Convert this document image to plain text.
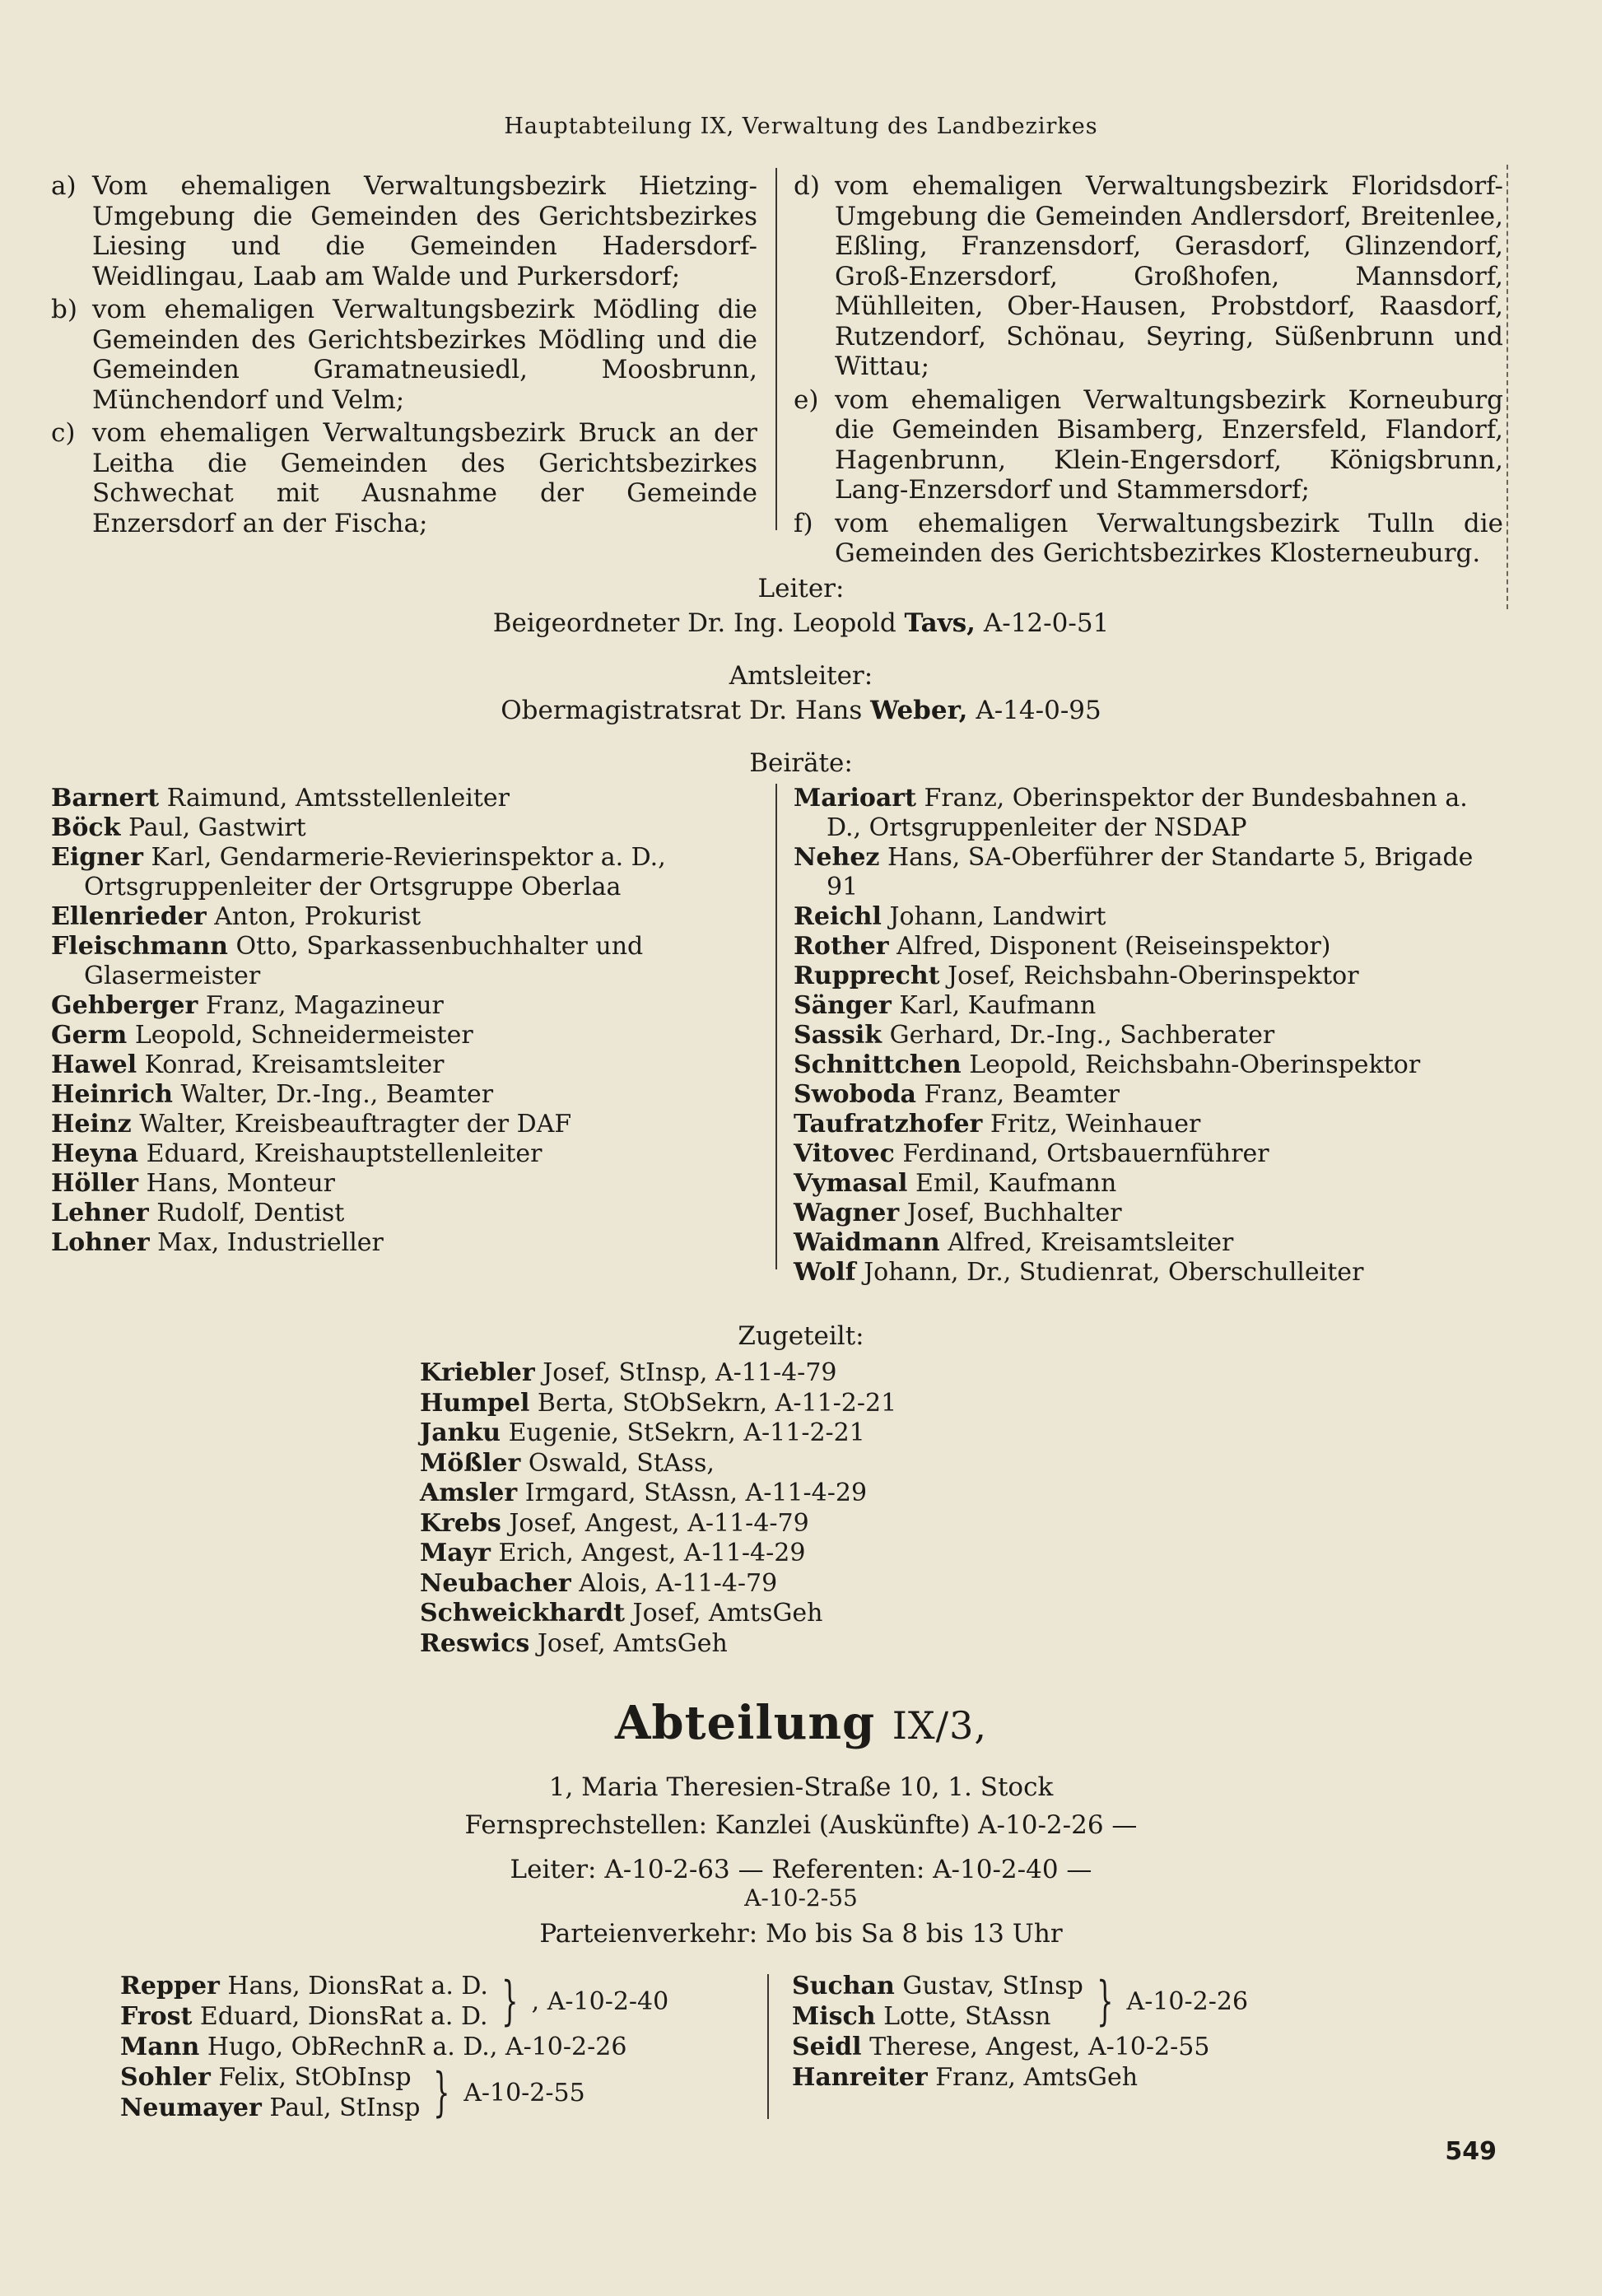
Hauptabteilung IX, Verwaltung des Landbezirkes

a) Vom ehemaligen Verwaltungsbezirk Hietzing-Umgebung die Gemeinden des Gerichtsbezirkes Liesing und die Gemeinden Hadersdorf-Weidlingau, Laab am Walde und Purkersdorf;

b) vom ehemaligen Verwaltungsbezirk Mödling die Gemeinden des Gerichtsbezirkes Mödling und die Gemeinden Gramatneusiedl, Moosbrunn, Münchendorf und Velm;

c) vom ehemaligen Verwaltungsbezirk Bruck an der Leitha die Gemeinden des Gerichtsbezirkes Schwechat mit Ausnahme der Gemeinde Enzersdorf an der Fischa;

d) vom ehemaligen Verwaltungsbezirk Floridsdorf-Umgebung die Gemeinden Andlersdorf, Breitenlee, Eßling, Franzensdorf, Gerasdorf, Glinzendorf, Groß-Enzersdorf, Großhofen, Mannsdorf, Mühlleiten, Ober-Hausen, Probstdorf, Raasdorf, Rutzendorf, Schönau, Seyring, Süßenbrunn und Wittau;

e) vom ehemaligen Verwaltungsbezirk Korneuburg die Gemeinden Bisamberg, Enzersfeld, Flandorf, Hagenbrunn, Klein-Engersdorf, Königsbrunn, Lang-Enzersdorf und Stammersdorf;

f) vom ehemaligen Verwaltungsbezirk Tulln die Gemeinden des Gerichtsbezirkes Klosterneuburg.

Leiter:
Beigeordneter Dr. Ing. Leopold Tavs, A-12-0-51
Amtsleiter:
Obermagistratsrat Dr. Hans Weber, A-14-0-95
Beiräte:
Barnert Raimund, Amtsstellenleiter
Böck Paul, Gastwirt
Eigner Karl, Gendarmerie-Revierinspektor a. D., Ortsgruppenleiter der Ortsgruppe Oberlaa
Ellenrieder Anton, Prokurist
Fleischmann Otto, Sparkassenbuchhalter und Glasermeister
Gehberger Franz, Magazineur
Germ Leopold, Schneidermeister
Hawel Konrad, Kreisamtsleiter
Heinrich Walter, Dr.-Ing., Beamter
Heinz Walter, Kreisbeauftragter der DAF
Heyna Eduard, Kreishauptstellenleiter
Höller Hans, Monteur
Lehner Rudolf, Dentist
Lohner Max, Industrieller
Marioart Franz, Oberinspektor der Bundesbahnen a. D., Ortsgruppenleiter der NSDAP
Nehez Hans, SA-Oberführer der Standarte 5, Brigade 91
Reichl Johann, Landwirt
Rother Alfred, Disponent (Reiseinspektor)
Rupprecht Josef, Reichsbahn-Oberinspektor
Sänger Karl, Kaufmann
Sassik Gerhard, Dr.-Ing., Sachberater
Schnittchen Leopold, Reichsbahn-Oberinspektor
Swoboda Franz, Beamter
Taufratzhofer Fritz, Weinhauer
Vitovec Ferdinand, Ortsbauernführer
Vymasal Emil, Kaufmann
Wagner Josef, Buchhalter
Waidmann Alfred, Kreisamtsleiter
Wolf Johann, Dr., Studienrat, Oberschulleiter
Zugeteilt:
Kriebler Josef, StInsp, A-11-4-79
Humpel Berta, StObSekrn, A-11-2-21
Janku Eugenie, StSekrn, A-11-2-21
Mößler Oswald, StAss,
Amsler Irmgard, StAssn, A-11-4-29
Krebs Josef, Angest, A-11-4-79
Mayr Erich, Angest, A-11-4-29
Neubacher Alois, A-11-4-79
Schweickhardt Josef, AmtsGeh
Reswics Josef, AmtsGeh
Abteilung IX/3,
1, Maria Theresien-Straße 10, 1. Stock
Fernsprechstellen: Kanzlei (Auskünfte) A-10-2-26 —
Leiter: A-10-2-63 — Referenten: A-10-2-40 —
A-10-2-55
Parteienverkehr: Mo bis Sa 8 bis 13 Uhr
Repper Hans, DionsRat a. D.
Frost Eduard, DionsRat a. D. } , A-10-2-40
Mann Hugo, ObRechnR a. D., A-10-2-26
Sohler Felix, StObInsp
Neumayer Paul, StInsp } A-10-2-55
Suchan Gustav, StInsp
Misch Lotte, StAssn } A-10-2-26
Seidl Therese, Angest, A-10-2-55
Hanreiter Franz, AmtsGeh
549
